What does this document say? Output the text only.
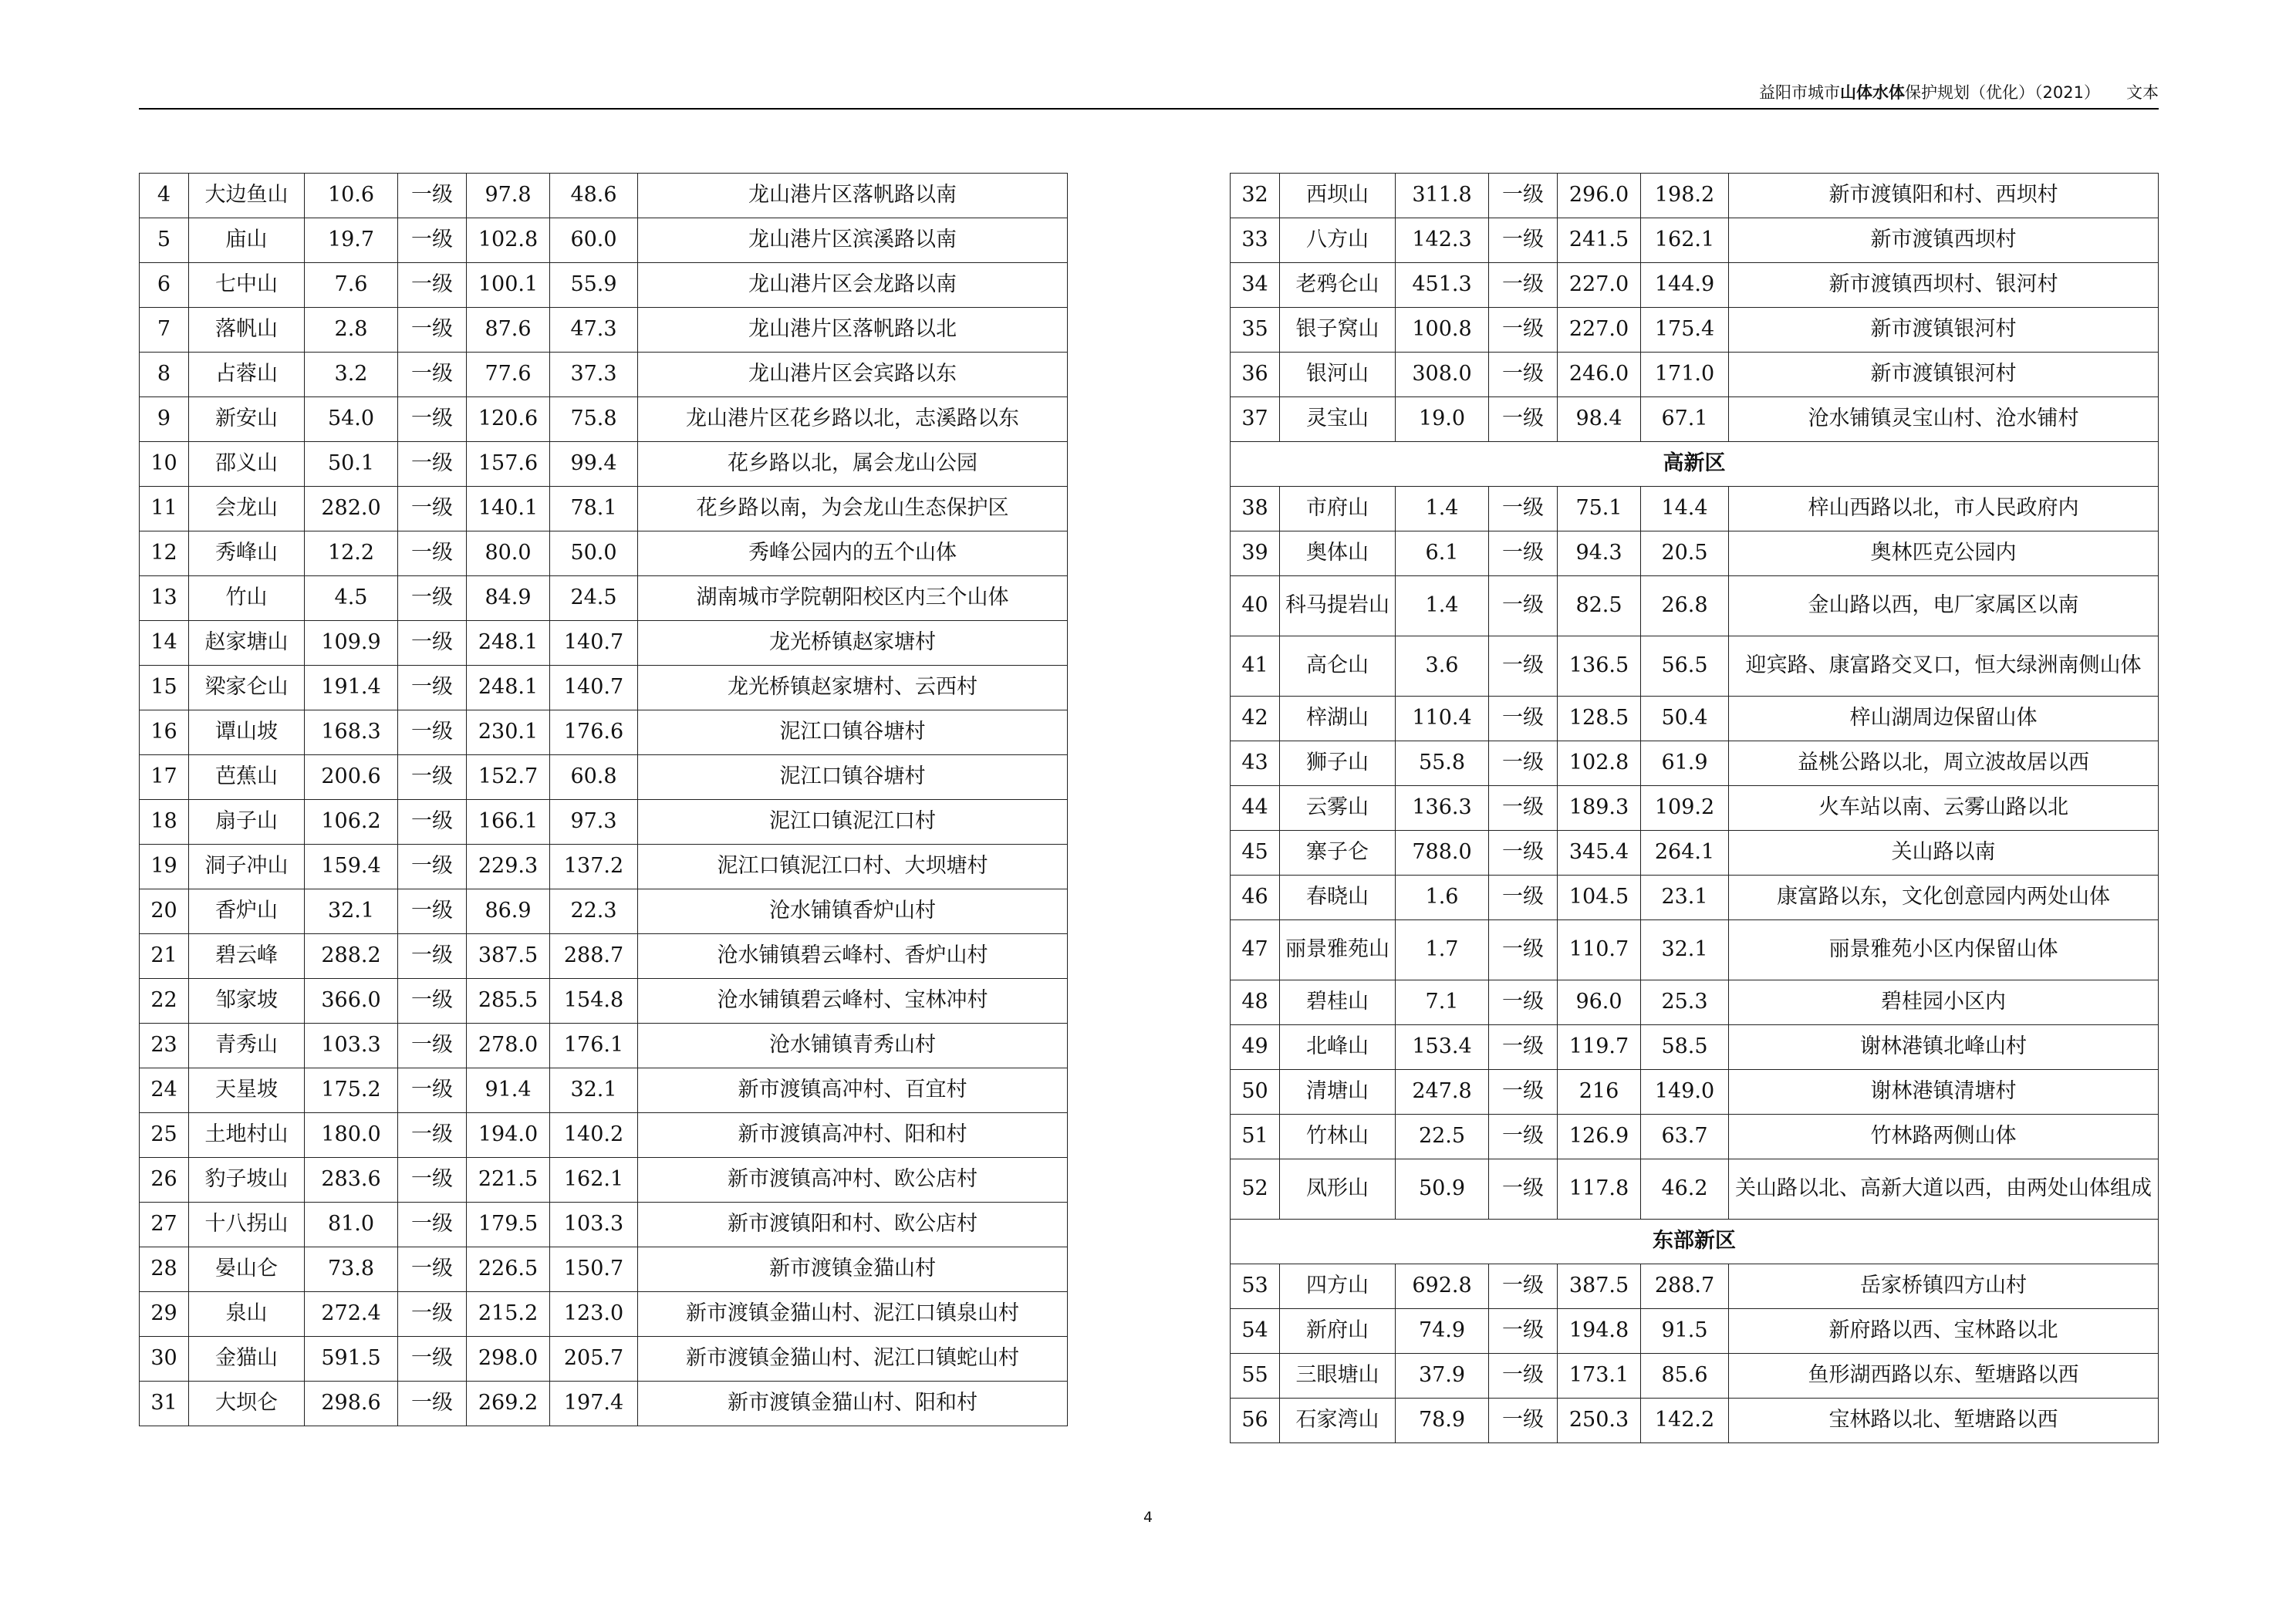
益阳市城市山体水体保护规划（优化）（2021） 文本
4	大边鱼山	10.6	一级	97.8	48.6	龙山港片区落帆路以南
5	庙山	19.7	一级	102.8	60.0	龙山港片区滨溪路以南
6	七中山	7.6	一级	100.1	55.9	龙山港片区会龙路以南
7	落帆山	2.8	一级	87.6	47.3	龙山港片区落帆路以北
8	占蓉山	3.2	一级	77.6	37.3	龙山港片区会宾路以东
9	新安山	54.0	一级	120.6	75.8	龙山港片区花乡路以北，志溪路以东
10	邵义山	50.1	一级	157.6	99.4	花乡路以北，属会龙山公园
11	会龙山	282.0	一级	140.1	78.1	花乡路以南，为会龙山生态保护区
12	秀峰山	12.2	一级	80.0	50.0	秀峰公园内的五个山体
13	竹山	4.5	一级	84.9	24.5	湖南城市学院朝阳校区内三个山体
14	赵家塘山	109.9	一级	248.1	140.7	龙光桥镇赵家塘村
15	梁家仑山	191.4	一级	248.1	140.7	龙光桥镇赵家塘村、云西村
16	谭山坡	168.3	一级	230.1	176.6	泥江口镇谷塘村
17	芭蕉山	200.6	一级	152.7	60.8	泥江口镇谷塘村
18	扇子山	106.2	一级	166.1	97.3	泥江口镇泥江口村
19	洞子冲山	159.4	一级	229.3	137.2	泥江口镇泥江口村、大坝塘村
20	香炉山	32.1	一级	86.9	22.3	沧水铺镇香炉山村
21	碧云峰	288.2	一级	387.5	288.7	沧水铺镇碧云峰村、香炉山村
22	邹家坡	366.0	一级	285.5	154.8	沧水铺镇碧云峰村、宝林冲村
23	青秀山	103.3	一级	278.0	176.1	沧水铺镇青秀山村
24	天星坡	175.2	一级	91.4	32.1	新市渡镇高冲村、百宜村
25	土地村山	180.0	一级	194.0	140.2	新市渡镇高冲村、阳和村
26	豹子坡山	283.6	一级	221.5	162.1	新市渡镇高冲村、欧公店村
27	十八拐山	81.0	一级	179.5	103.3	新市渡镇阳和村、欧公店村
28	晏山仑	73.8	一级	226.5	150.7	新市渡镇金猫山村
29	泉山	272.4	一级	215.2	123.0	新市渡镇金猫山村、泥江口镇泉山村
30	金猫山	591.5	一级	298.0	205.7	新市渡镇金猫山村、泥江口镇蛇山村
31	大坝仑	298.6	一级	269.2	197.4	新市渡镇金猫山村、阳和村
32	西坝山	311.8	一级	296.0	198.2	新市渡镇阳和村、西坝村
33	八方山	142.3	一级	241.5	162.1	新市渡镇西坝村
34	老鸦仑山	451.3	一级	227.0	144.9	新市渡镇西坝村、银河村
35	银子窝山	100.8	一级	227.0	175.4	新市渡镇银河村
36	银河山	308.0	一级	246.0	171.0	新市渡镇银河村
37	灵宝山	19.0	一级	98.4	67.1	沧水铺镇灵宝山村、沧水铺村
高新区						
38	市府山	1.4	一级	75.1	14.4	梓山西路以北，市人民政府内
39	奥体山	6.1	一级	94.3	20.5	奥林匹克公园内
40	科马提岩山	1.4	一级	82.5	26.8	金山路以西，电厂家属区以南
41	高仑山	3.6	一级	136.5	56.5	迎宾路、康富路交叉口，恒大绿洲南侧山体
42	梓湖山	110.4	一级	128.5	50.4	梓山湖周边保留山体
43	狮子山	55.8	一级	102.8	61.9	益桃公路以北，周立波故居以西
44	云雾山	136.3	一级	189.3	109.2	火车站以南、云雾山路以北
45	寨子仑	788.0	一级	345.4	264.1	关山路以南
46	春晓山	1.6	一级	104.5	23.1	康富路以东，文化创意园内两处山体
47	丽景雅苑山	1.7	一级	110.7	32.1	丽景雅苑小区内保留山体
48	碧桂山	7.1	一级	96.0	25.3	碧桂园小区内
49	北峰山	153.4	一级	119.7	58.5	谢林港镇北峰山村
50	清塘山	247.8	一级	216	149.0	谢林港镇清塘村
51	竹林山	22.5	一级	126.9	63.7	竹林路两侧山体
52	凤形山	50.9	一级	117.8	46.2	关山路以北、高新大道以西，由两处山体组成
东部新区						
53	四方山	692.8	一级	387.5	288.7	岳家桥镇四方山村
54	新府山	74.9	一级	194.8	91.5	新府路以西、宝林路以北
55	三眼塘山	37.9	一级	173.1	85.6	鱼形湖西路以东、堑塘路以西
56	石家湾山	78.9	一级	250.3	142.2	宝林路以北、堑塘路以西
4
